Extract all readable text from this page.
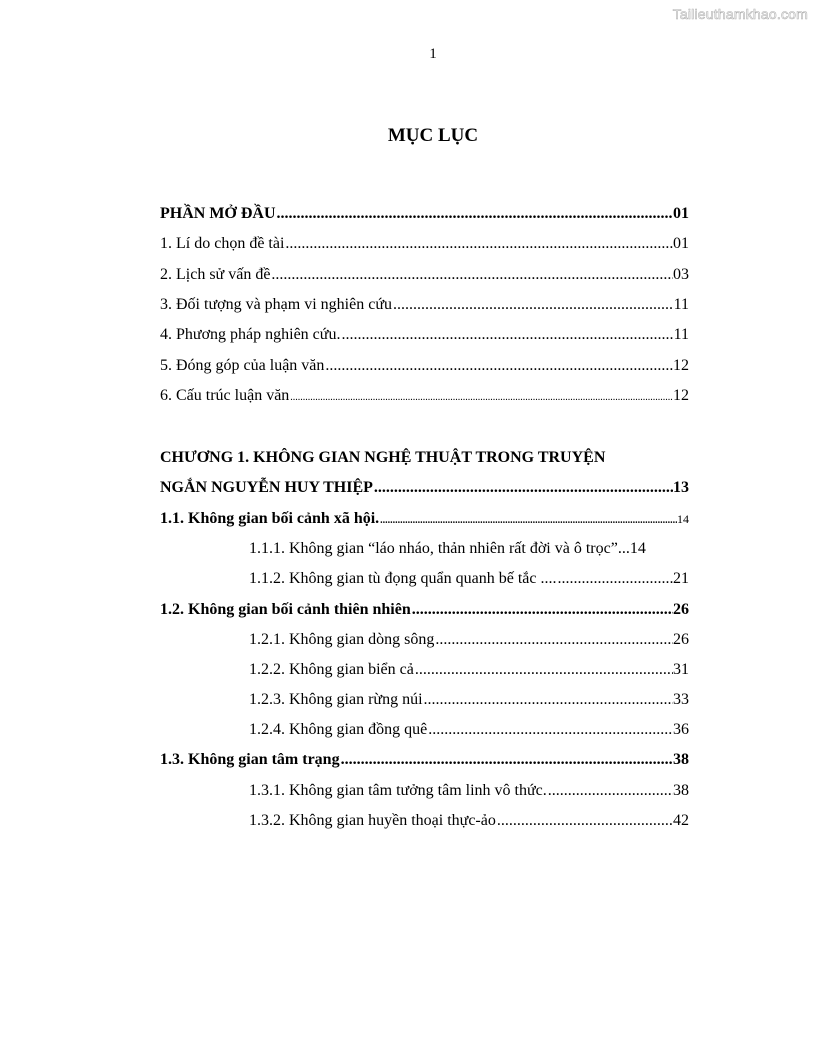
Tailieuthamkhao.com
1
MỤC LỤC
PHẦN MỞ ĐẦU .....	01
1. Lí do chọn đề tài .....	01
2. Lịch sử vấn đề .....	03
3. Đối tượng và phạm vi nghiên cứu .....	11
4. Phương pháp nghiên cứu. .....	11
5. Đóng góp của luận văn .....	12
6. Cấu trúc luận văn .....	12
CHƯƠNG 1. KHÔNG GIAN NGHỆ THUẬT TRONG TRUYỆN
NGẮN NGUYỄN HUY THIỆP .....	13
1.1. Không gian bối cảnh xã hội. .....	14
1.1.1. Không gian “láo nháo, thản nhiên rất đời và ô trọc” ...14
1.1.2. Không gian tù đọng quẩn quanh bế tắc .... .....	21
1.2. Không gian bối cảnh thiên nhiên .....	26
1.2.1. Không gian dòng sông .....	26
1.2.2. Không gian biển cả .....	31
1.2.3. Không gian rừng núi .....	33
1.2.4. Không gian đồng quê .....	36
1.3. Không gian tâm trạng .....	38
1.3.1. Không gian tâm tưởng tâm linh vô thức. .....	38
1.3.2. Không gian huyền thoại thực-ảo .....	42
